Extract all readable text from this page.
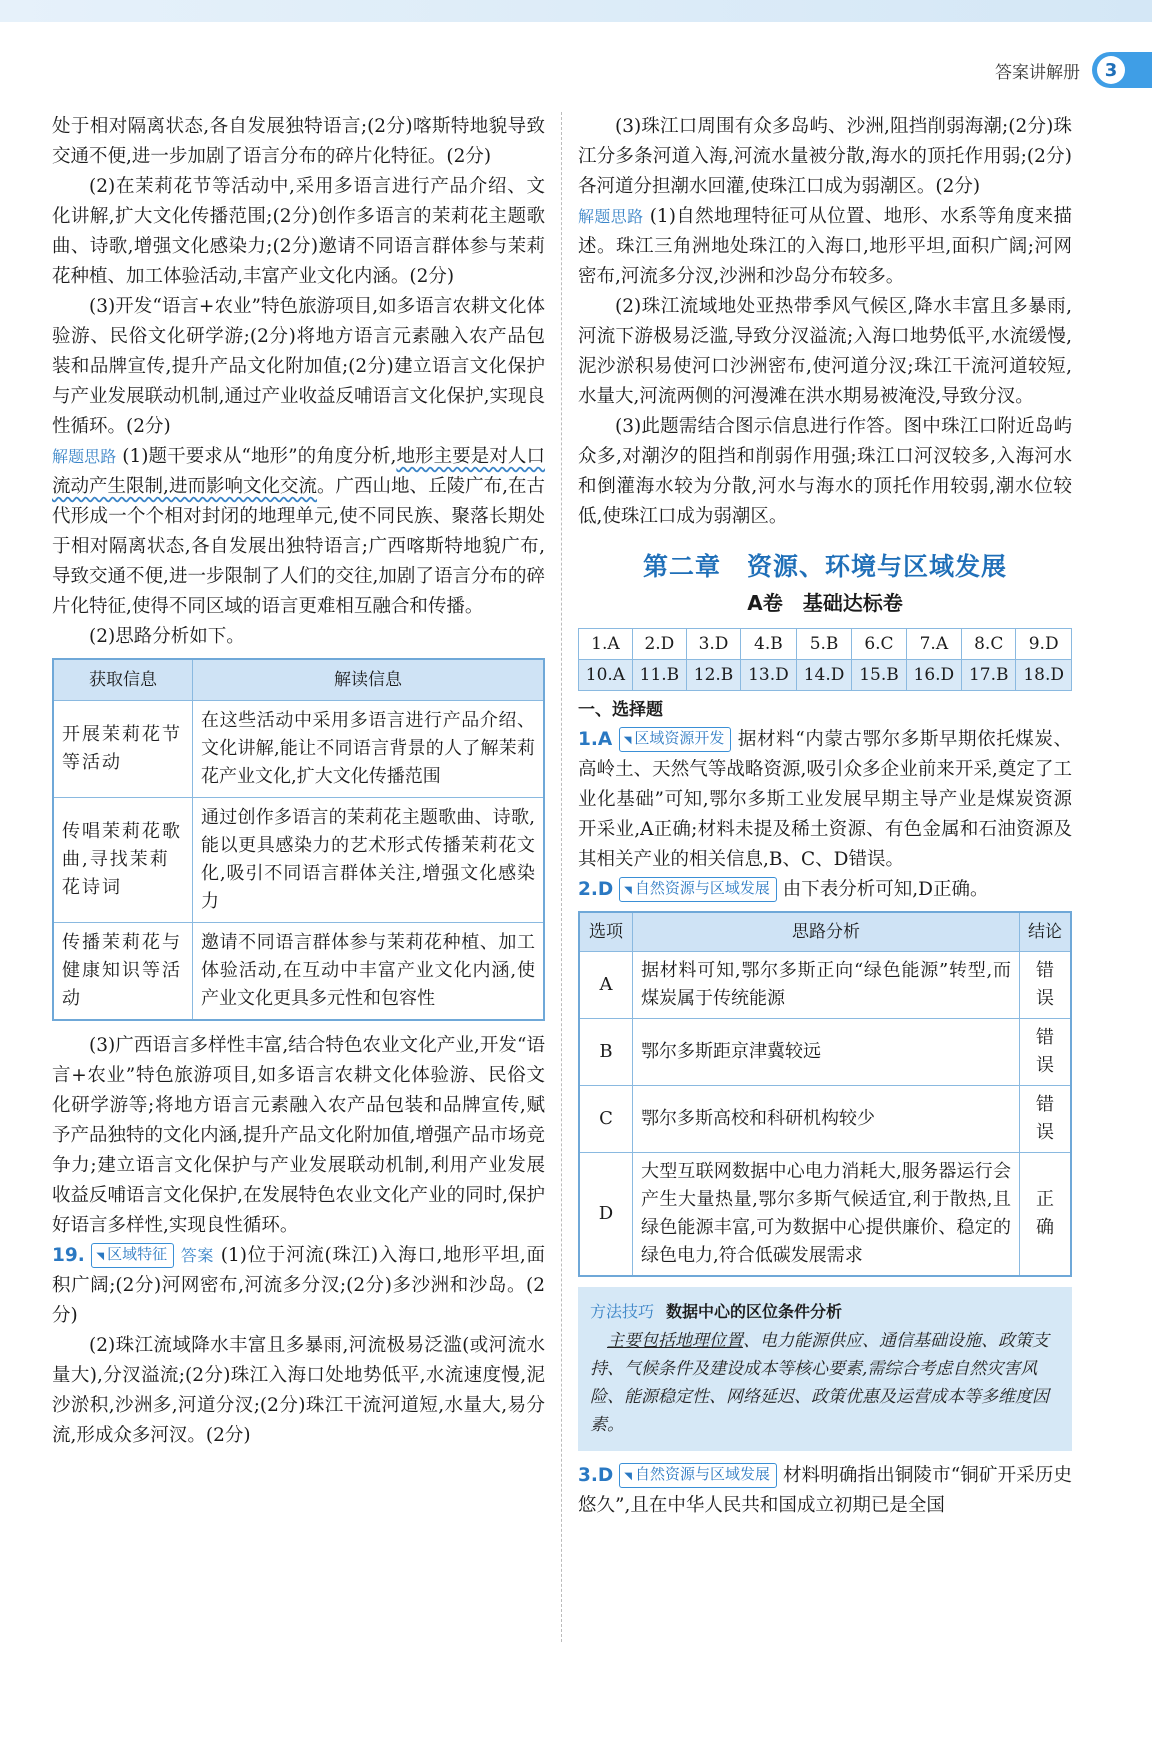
答案讲解册	3

处于相对隔离状态,各自发展独特语言;(2分)喀斯特地貌导致交通不便,进一步加剧了语言分布的碎片化特征。(2分)

(2)在茉莉花节等活动中,采用多语言进行产品介绍、文化讲解,扩大文化传播范围;(2分)创作多语言的茉莉花主题歌曲、诗歌,增强文化感染力;(2分)邀请不同语言群体参与茉莉花种植、加工体验活动,丰富产业文化内涵。(2分)

(3)开发“语言+农业”特色旅游项目,如多语言农耕文化体验游、民俗文化研学游;(2分)将地方语言元素融入农产品包装和品牌宣传,提升产品文化附加值;(2分)建立语言文化保护与产业发展联动机制,通过产业收益反哺语言文化保护,实现良性循环。(2分)

解题思路 (1)题干要求从“地形”的角度分析,地形主要是对人口流动产生限制,进而影响文化交流。广西山地、丘陵广布,在古代形成一个个相对封闭的地理单元,使不同民族、聚落长期处于相对隔离状态,各自发展出独特语言;广西喀斯特地貌广布,导致交通不便,进一步限制了人们的交往,加剧了语言分布的碎片化特征,使得不同区域的语言更难相互融合和传播。

(2)思路分析如下。

获取信息	解读信息
开展茉莉花节等活动	在这些活动中采用多语言进行产品介绍、文化讲解,能让不同语言背景的人了解茉莉花产业文化,扩大文化传播范围
传唱茉莉花歌曲,寻找茉莉花诗词	通过创作多语言的茉莉花主题歌曲、诗歌,能以更具感染力的艺术形式传播茉莉花文化,吸引不同语言群体关注,增强文化感染力
传播茉莉花与健康知识等活动	邀请不同语言群体参与茉莉花种植、加工体验活动,在互动中丰富产业文化内涵,使产业文化更具多元性和包容性

(3)广西语言多样性丰富,结合特色农业文化产业,开发“语言+农业”特色旅游项目,如多语言农耕文化体验游、民俗文化研学游等;将地方语言元素融入农产品包装和品牌宣传,赋予产品独特的文化内涵,提升产品文化附加值,增强产品市场竞争力;建立语言文化保护与产业发展联动机制,利用产业发展收益反哺语言文化保护,在发展特色农业文化产业的同时,保护好语言多样性,实现良性循环。

19. ◥ 区域特征 答案 (1)位于河流(珠江)入海口,地形平坦,面积广阔;(2分)河网密布,河流多分汊;(2分)多沙洲和沙岛。(2分)

(2)珠江流域降水丰富且多暴雨,河流极易泛滥(或河流水量大),分汊溢流;(2分)珠江入海口处地势低平,水流速度慢,泥沙淤积,沙洲多,河道分汊;(2分)珠江干流河道短,水量大,易分流,形成众多河汊。(2分)

(3)珠江口周围有众多岛屿、沙洲,阻挡削弱海潮;(2分)珠江分多条河道入海,河流水量被分散,海水的顶托作用弱;(2分)各河道分担潮水回灌,使珠江口成为弱潮区。(2分)

解题思路 (1)自然地理特征可从位置、地形、水系等角度来描述。珠江三角洲地处珠江的入海口,地形平坦,面积广阔;河网密布,河流多分汊,沙洲和沙岛分布较多。

(2)珠江流域地处亚热带季风气候区,降水丰富且多暴雨,河流下游极易泛滥,导致分汊溢流;入海口地势低平,水流缓慢,泥沙淤积易使河口沙洲密布,使河道分汊;珠江干流河道较短,水量大,河流两侧的河漫滩在洪水期易被淹没,导致分汊。

(3)此题需结合图示信息进行作答。图中珠江口附近岛屿众多,对潮汐的阻挡和削弱作用强;珠江口河汊较多,入海河水和倒灌海水较为分散,河水与海水的顶托作用较弱,潮水位较低,使珠江口成为弱潮区。

第二章　资源、环境与区域发展
A卷　基础达标卷
1.A	2.D	3.D	4.B	5.B	6.C	7.A	8.C	9.D
10.A	11.B	12.B	13.D	14.D	15.B	16.D	17.B	18.D
一、选择题

1.A ◥ 区域资源开发 据材料“内蒙古鄂尔多斯早期依托煤炭、高岭土、天然气等战略资源,吸引众多企业前来开采,奠定了工业化基础”可知,鄂尔多斯工业发展早期主导产业是煤炭资源开采业,A正确;材料未提及稀土资源、有色金属和石油资源及其相关产业的相关信息,B、C、D错误。

2.D ◥ 自然资源与区域发展 由下表分析可知,D正确。

选项	思路分析	结论
A	据材料可知,鄂尔多斯正向“绿色能源”转型,而煤炭属于传统能源	错误
B	鄂尔多斯距京津冀较远	错误
C	鄂尔多斯高校和科研机构较少	错误
D	大型互联网数据中心电力消耗大,服务器运行会产生大量热量,鄂尔多斯气候适宜,利于散热,且绿色能源丰富,可为数据中心提供廉价、稳定的绿色电力,符合低碳发展需求	正确
方法技巧 数据中心的区位条件分析
主要包括地理位置、电力能源供应、通信基础设施、政策支持、气候条件及建设成本等核心要素,需综合考虑自然灾害风险、能源稳定性、网络延迟、政策优惠及运营成本等多维度因素。

3.D ◥ 自然资源与区域发展 材料明确指出铜陵市“铜矿开采历史悠久”,且在中华人民共和国成立初期已是全国
